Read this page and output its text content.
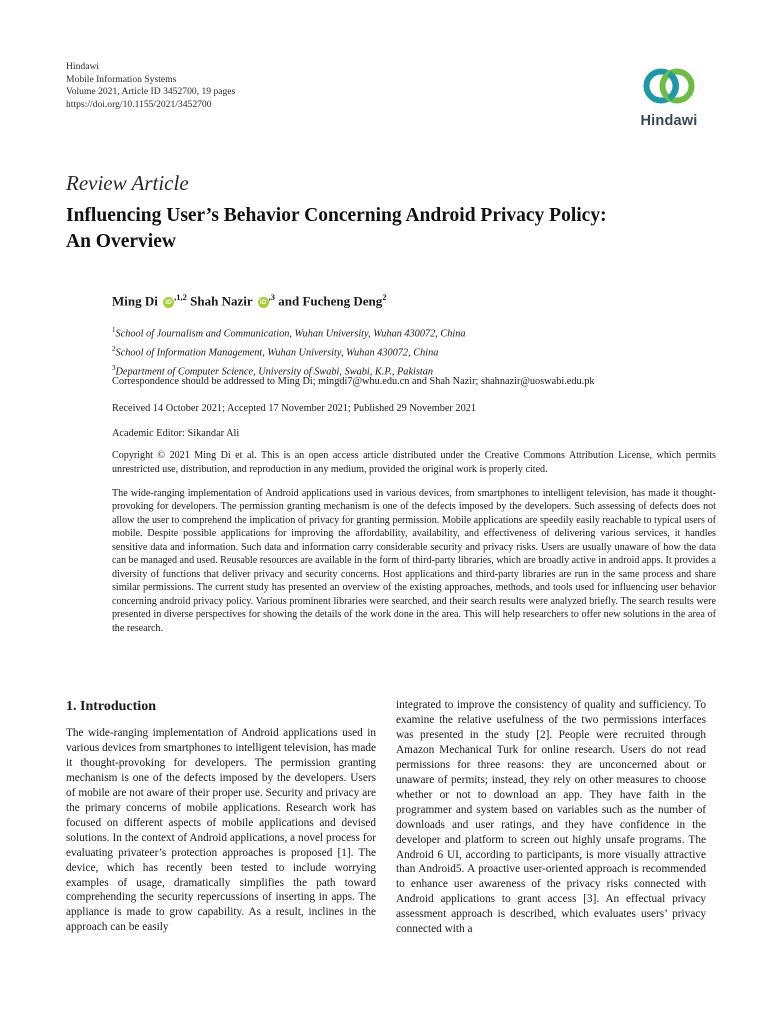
Hindawi
Mobile Information Systems
Volume 2021, Article ID 3452700, 19 pages
https://doi.org/10.1155/2021/3452700
Hindawi
Review Article
Influencing User’s Behavior Concerning Android Privacy Policy:
An Overview
Ming Di $iD^{,1,2}$ Shah Nazir $iD^{,3}$ and Fucheng Deng$^2$
$^1$School of Journalism and Communication, Wuhan University, Wuhan 430072, China
$^2$School of Information Management, Wuhan University, Wuhan 430072, China
$^3$Department of Computer Science, University of Swabi, Swabi, K.P., Pakistan
Correspondence should be addressed to Ming Di; mingdi7@whu.edu.cn and Shah Nazir; shahnazir@uoswabi.edu.pk
Received 14 October 2021; Accepted 17 November 2021; Published 29 November 2021
Academic Editor: Sikandar Ali
Copyright © 2021 Ming Di et al. This is an open access article distributed under the Creative Commons Attribution License, which permits unrestricted use, distribution, and reproduction in any medium, provided the original work is properly cited.
The wide-ranging implementation of Android applications used in various devices, from smartphones to intelligent television, has made it thought-provoking for developers. The permission granting mechanism is one of the defects imposed by the developers. Such assessing of defects does not allow the user to comprehend the implication of privacy for granting permission. Mobile applications are speedily easily reachable to typical users of mobile. Despite possible applications for improving the affordability, availability, and effectiveness of delivering various services, it handles sensitive data and information. Such data and information carry considerable security and privacy risks. Users are usually unaware of how the data can be managed and used. Reusable resources are available in the form of third-party libraries, which are broadly active in android apps. It provides a diversity of functions that deliver privacy and security concerns. Host applications and third-party libraries are run in the same process and share similar permissions. The current study has presented an overview of the existing approaches, methods, and tools used for influencing user behavior concerning android privacy policy. Various prominent libraries were searched, and their search results were analyzed briefly. The search results were presented in diverse perspectives for showing the details of the work done in the area. This will help researchers to offer new solutions in the area of the research.
1. Introduction
The wide-ranging implementation of Android applications used in various devices from smartphones to intelligent television, has made it thought-provoking for developers. The permission granting mechanism is one of the defects imposed by the developers. Users of mobile are not aware of their proper use. Security and privacy are the primary concerns of mobile applications. Research work has focused on different aspects of mobile applications and devised solutions. In the context of Android applications, a novel process for evaluating privateer’s protection approaches is proposed [1]. The device, which has recently been tested to include worrying examples of usage, dramatically simplifies the path toward comprehending the security repercussions of inserting in apps. The appliance is made to grow capability. As a result, inclines in the approach can be easily
integrated to improve the consistency of quality and sufficiency. To examine the relative usefulness of the two permissions interfaces was presented in the study [2]. People were recruited through Amazon Mechanical Turk for online research. Users do not read permissions for three reasons: they are unconcerned about or unaware of permits; instead, they rely on other measures to choose whether or not to download an app. They have faith in the programmer and system based on variables such as the number of downloads and user ratings, and they have confidence in the developer and platform to screen out highly unsafe programs. The Android 6 UI, according to participants, is more visually attractive than Android5. A proactive user-oriented approach is recommended to enhance user awareness of the privacy risks connected with Android applications to grant access [3]. An effectual privacy assessment approach is described, which evaluates users’ privacy connected with a
